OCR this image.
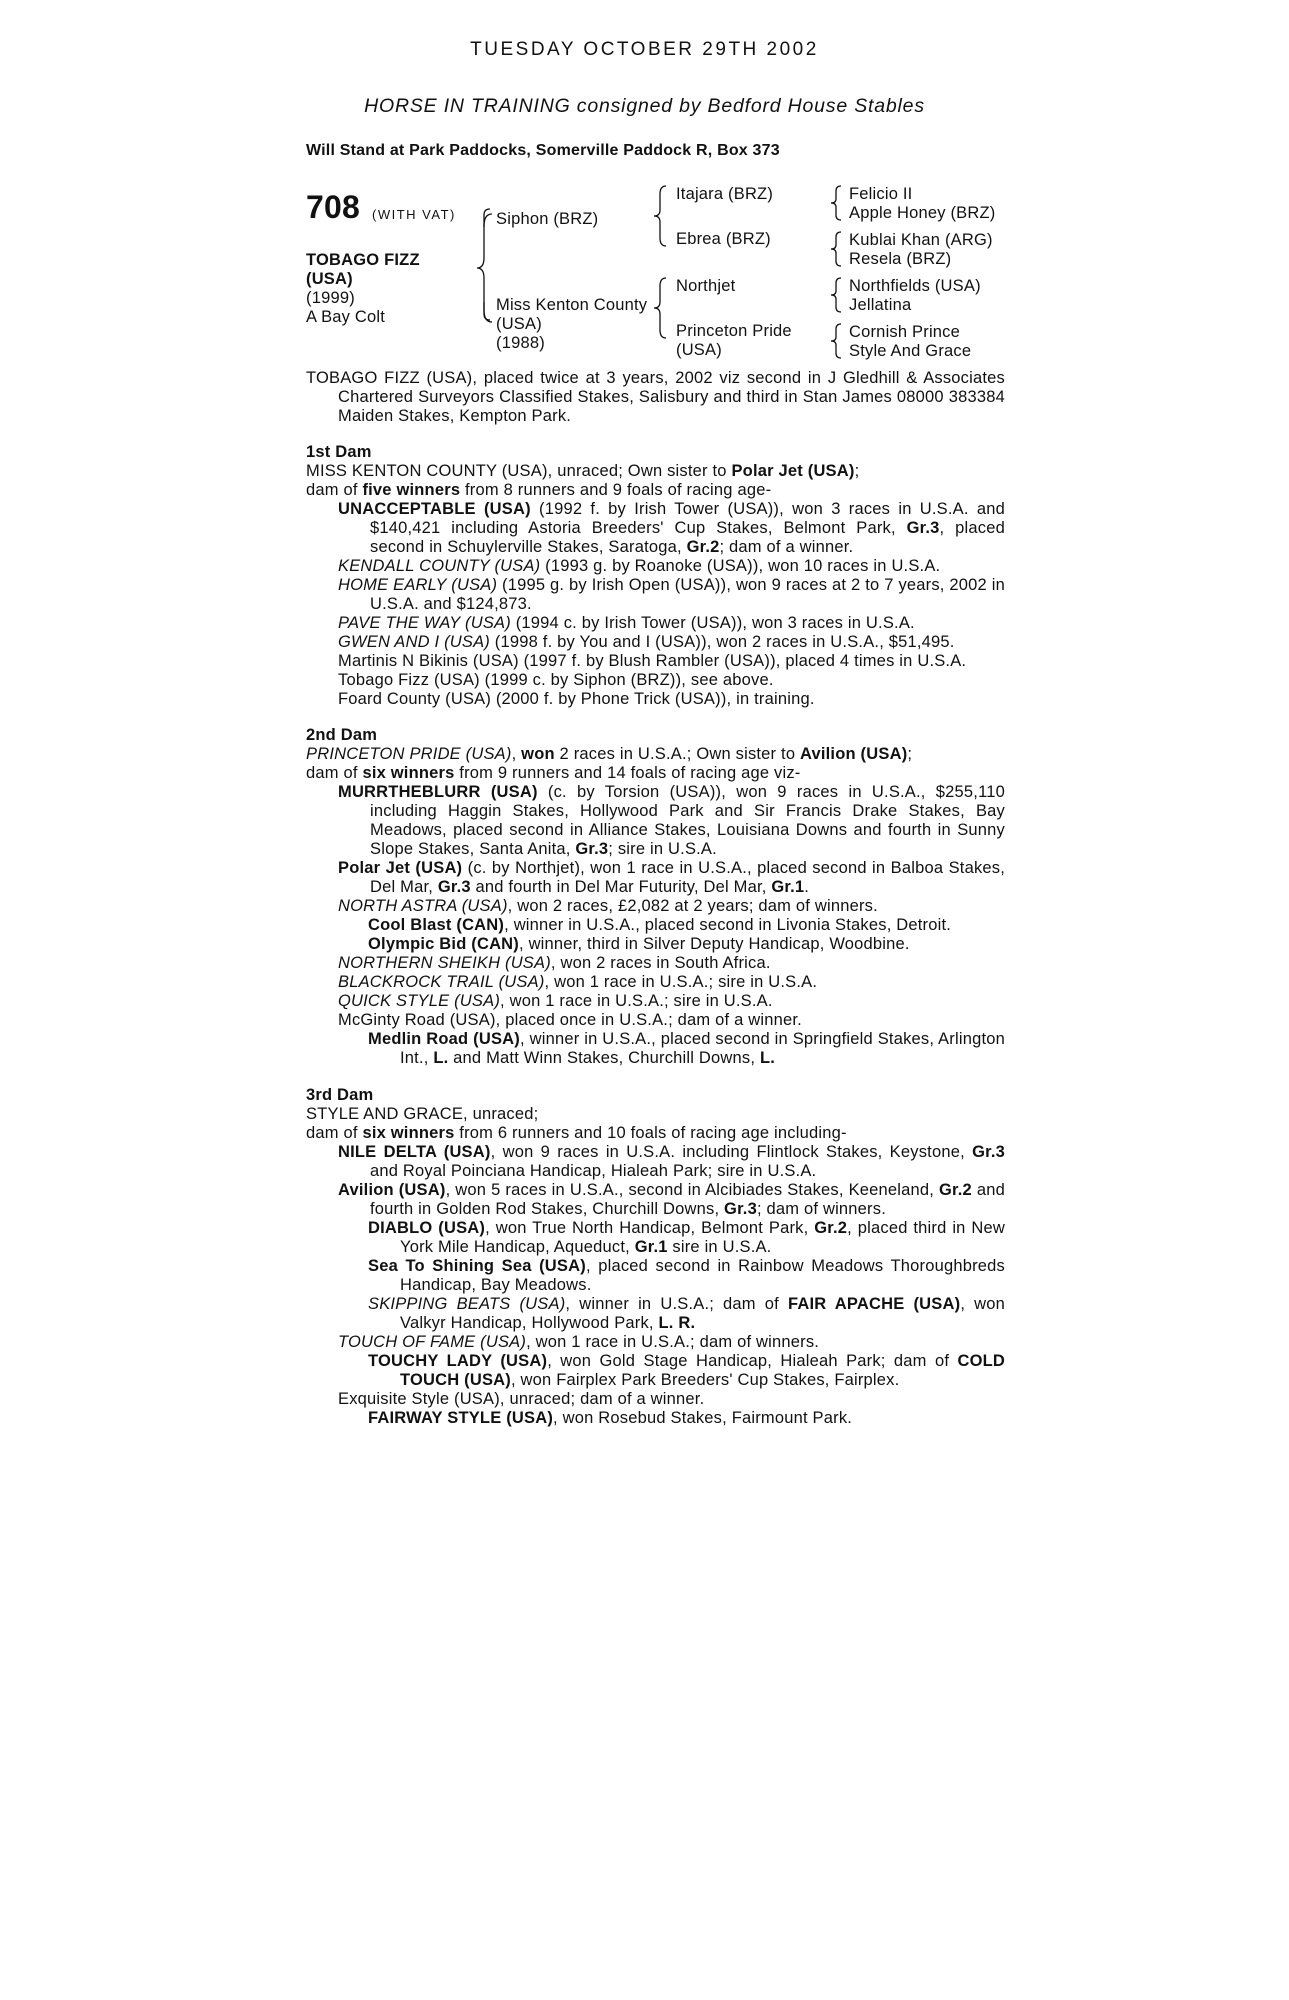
TUESDAY OCTOBER 29TH 2002
HORSE IN TRAINING consigned by Bedford House Stables
Will Stand at Park Paddocks, Somerville Paddock R, Box 373
708 (WITH VAT)
TOBAGO FIZZ
(USA)
(1999)
A Bay Colt
Siphon (BRZ)
Miss Kenton County
(USA)
(1988)
Itajara (BRZ)
Ebrea (BRZ)
Northjet
Princeton Pride
(USA)
Felicio II
Apple Honey (BRZ)
Kublai Khan (ARG)
Resela (BRZ)
Northfields (USA)
Jellatina
Cornish Prince
Style And Grace
TOBAGO FIZZ (USA), placed twice at 3 years, 2002 viz second in J Gledhill & Associates Chartered Surveyors Classified Stakes, Salisbury and third in Stan James 08000 383384 Maiden Stakes, Kempton Park.
1st Dam
MISS KENTON COUNTY (USA), unraced; Own sister to Polar Jet (USA);
dam of five winners from 8 runners and 9 foals of racing age-
UNACCEPTABLE (USA) (1992 f. by Irish Tower (USA)), won 3 races in U.S.A. and $140,421 including Astoria Breeders' Cup Stakes, Belmont Park, Gr.3, placed second in Schuylerville Stakes, Saratoga, Gr.2; dam of a winner.
KENDALL COUNTY (USA) (1993 g. by Roanoke (USA)), won 10 races in U.S.A.
HOME EARLY (USA) (1995 g. by Irish Open (USA)), won 9 races at 2 to 7 years, 2002 in U.S.A. and $124,873.
PAVE THE WAY (USA) (1994 c. by Irish Tower (USA)), won 3 races in U.S.A.
GWEN AND I (USA) (1998 f. by You and I (USA)), won 2 races in U.S.A., $51,495.
Martinis N Bikinis (USA) (1997 f. by Blush Rambler (USA)), placed 4 times in U.S.A.
Tobago Fizz (USA) (1999 c. by Siphon (BRZ)), see above.
Foard County (USA) (2000 f. by Phone Trick (USA)), in training.
2nd Dam
PRINCETON PRIDE (USA), won 2 races in U.S.A.; Own sister to Avilion (USA);
dam of six winners from 9 runners and 14 foals of racing age viz-
MURRTHEBLURR (USA) (c. by Torsion (USA)), won 9 races in U.S.A., $255,110 including Haggin Stakes, Hollywood Park and Sir Francis Drake Stakes, Bay Meadows, placed second in Alliance Stakes, Louisiana Downs and fourth in Sunny Slope Stakes, Santa Anita, Gr.3; sire in U.S.A.
Polar Jet (USA) (c. by Northjet), won 1 race in U.S.A., placed second in Balboa Stakes, Del Mar, Gr.3 and fourth in Del Mar Futurity, Del Mar, Gr.1.
NORTH ASTRA (USA), won 2 races, £2,082 at 2 years; dam of winners.
Cool Blast (CAN), winner in U.S.A., placed second in Livonia Stakes, Detroit.
Olympic Bid (CAN), winner, third in Silver Deputy Handicap, Woodbine.
NORTHERN SHEIKH (USA), won 2 races in South Africa.
BLACKROCK TRAIL (USA), won 1 race in U.S.A.; sire in U.S.A.
QUICK STYLE (USA), won 1 race in U.S.A.; sire in U.S.A.
McGinty Road (USA), placed once in U.S.A.; dam of a winner.
Medlin Road (USA), winner in U.S.A., placed second in Springfield Stakes, Arlington Int., L. and Matt Winn Stakes, Churchill Downs, L.
3rd Dam
STYLE AND GRACE, unraced;
dam of six winners from 6 runners and 10 foals of racing age including-
NILE DELTA (USA), won 9 races in U.S.A. including Flintlock Stakes, Keystone, Gr.3 and Royal Poinciana Handicap, Hialeah Park; sire in U.S.A.
Avilion (USA), won 5 races in U.S.A., second in Alcibiades Stakes, Keeneland, Gr.2 and fourth in Golden Rod Stakes, Churchill Downs, Gr.3; dam of winners.
DIABLO (USA), won True North Handicap, Belmont Park, Gr.2, placed third in New York Mile Handicap, Aqueduct, Gr.1 sire in U.S.A.
Sea To Shining Sea (USA), placed second in Rainbow Meadows Thoroughbreds Handicap, Bay Meadows.
SKIPPING BEATS (USA), winner in U.S.A.; dam of FAIR APACHE (USA), won Valkyr Handicap, Hollywood Park, L. R.
TOUCH OF FAME (USA), won 1 race in U.S.A.; dam of winners.
TOUCHY LADY (USA), won Gold Stage Handicap, Hialeah Park; dam of COLD TOUCH (USA), won Fairplex Park Breeders' Cup Stakes, Fairplex.
Exquisite Style (USA), unraced; dam of a winner.
FAIRWAY STYLE (USA), won Rosebud Stakes, Fairmount Park.
